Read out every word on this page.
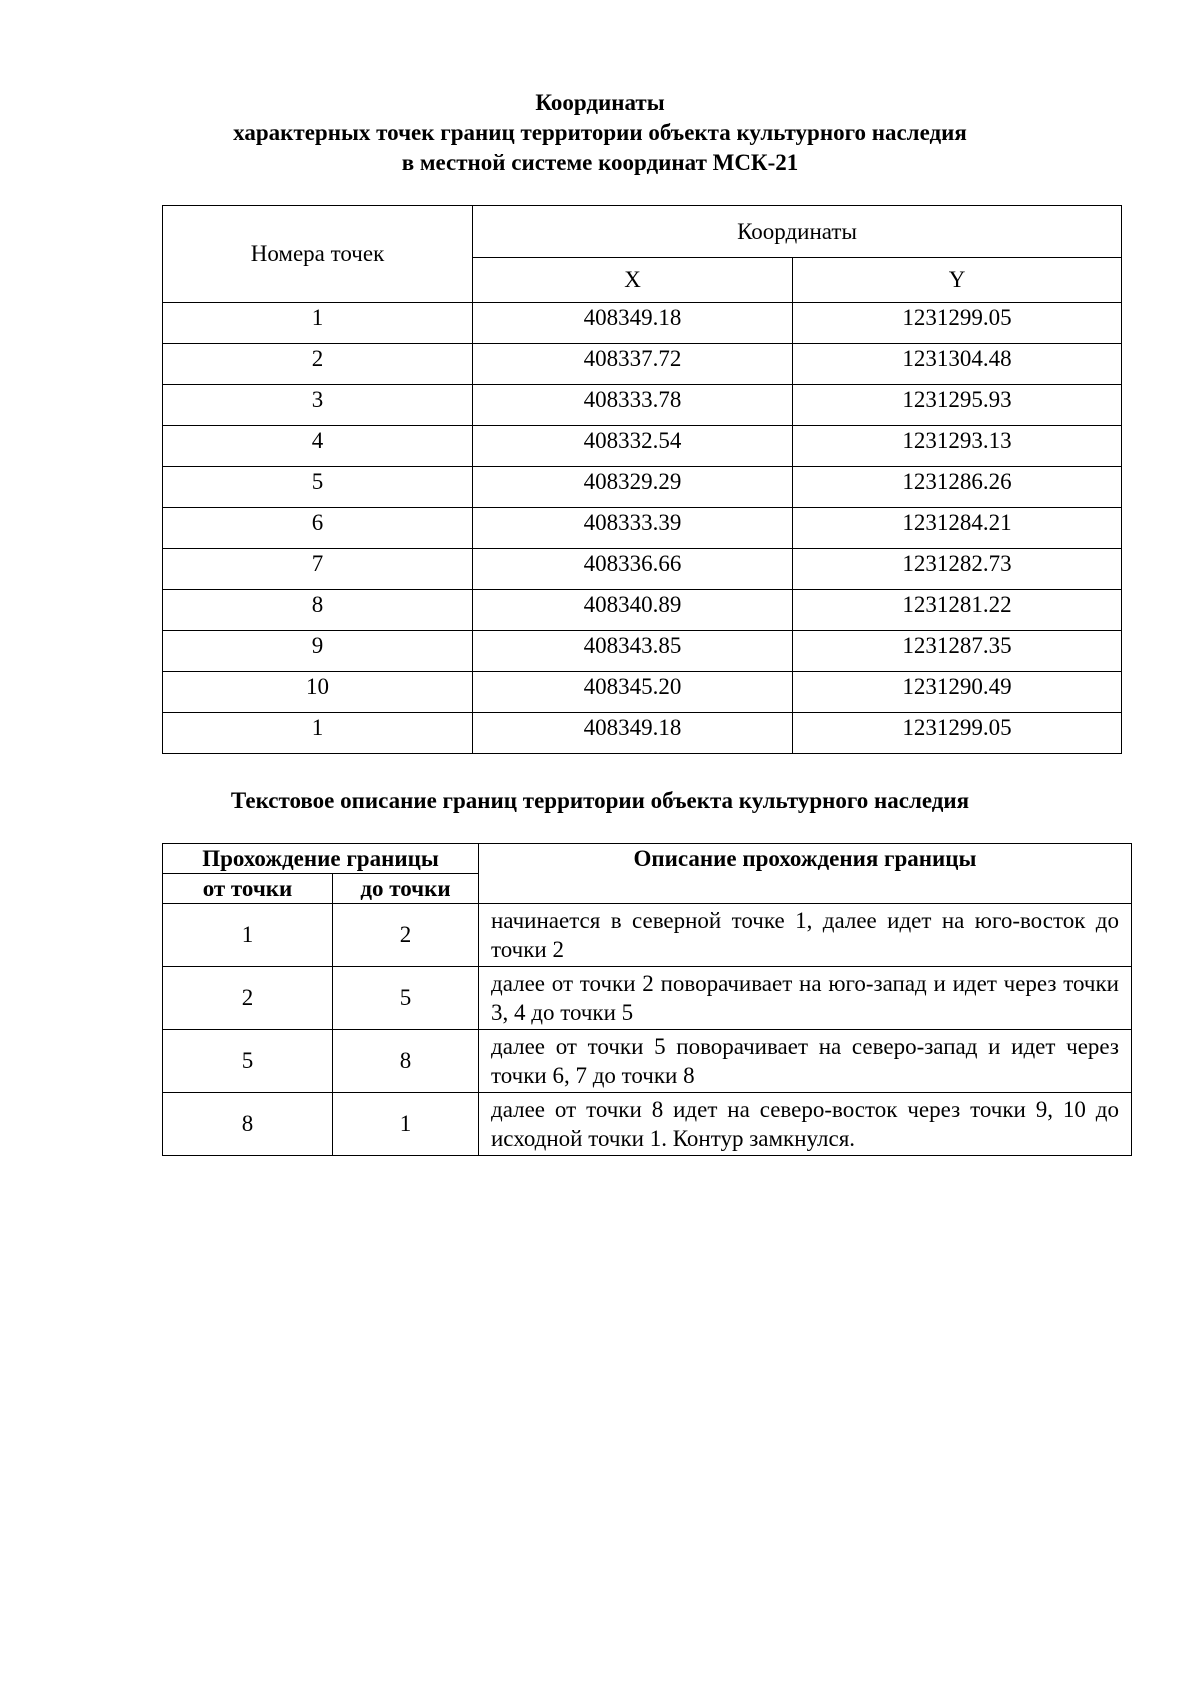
Координаты
характерных точек границ территории объекта культурного наследия
в местной системе координат МСК-21
Номера точек	Координаты	
	X	Y
1	408349.18	1231299.05
2	408337.72	1231304.48
3	408333.78	1231295.93
4	408332.54	1231293.13
5	408329.29	1231286.26
6	408333.39	1231284.21
7	408336.66	1231282.73
8	408340.89	1231281.22
9	408343.85	1231287.35
10	408345.20	1231290.49
1	408349.18	1231299.05
Текстовое описание границ территории объекта культурного наследия
Прохождение границы		Описание прохождения границы
от точки	до точки	
1	2	начинается в северной точке 1, далее идет на юго-восток до точки 2
2	5	далее от точки 2 поворачивает на юго-запад и идет через точки 3, 4 до точки 5
5	8	далее от точки 5 поворачивает на северо-запад и идет через точки 6, 7 до точки 8
8	1	далее от точки 8 идет на северо-восток через точки 9, 10 до исходной точки 1. Контур замкнулся.
